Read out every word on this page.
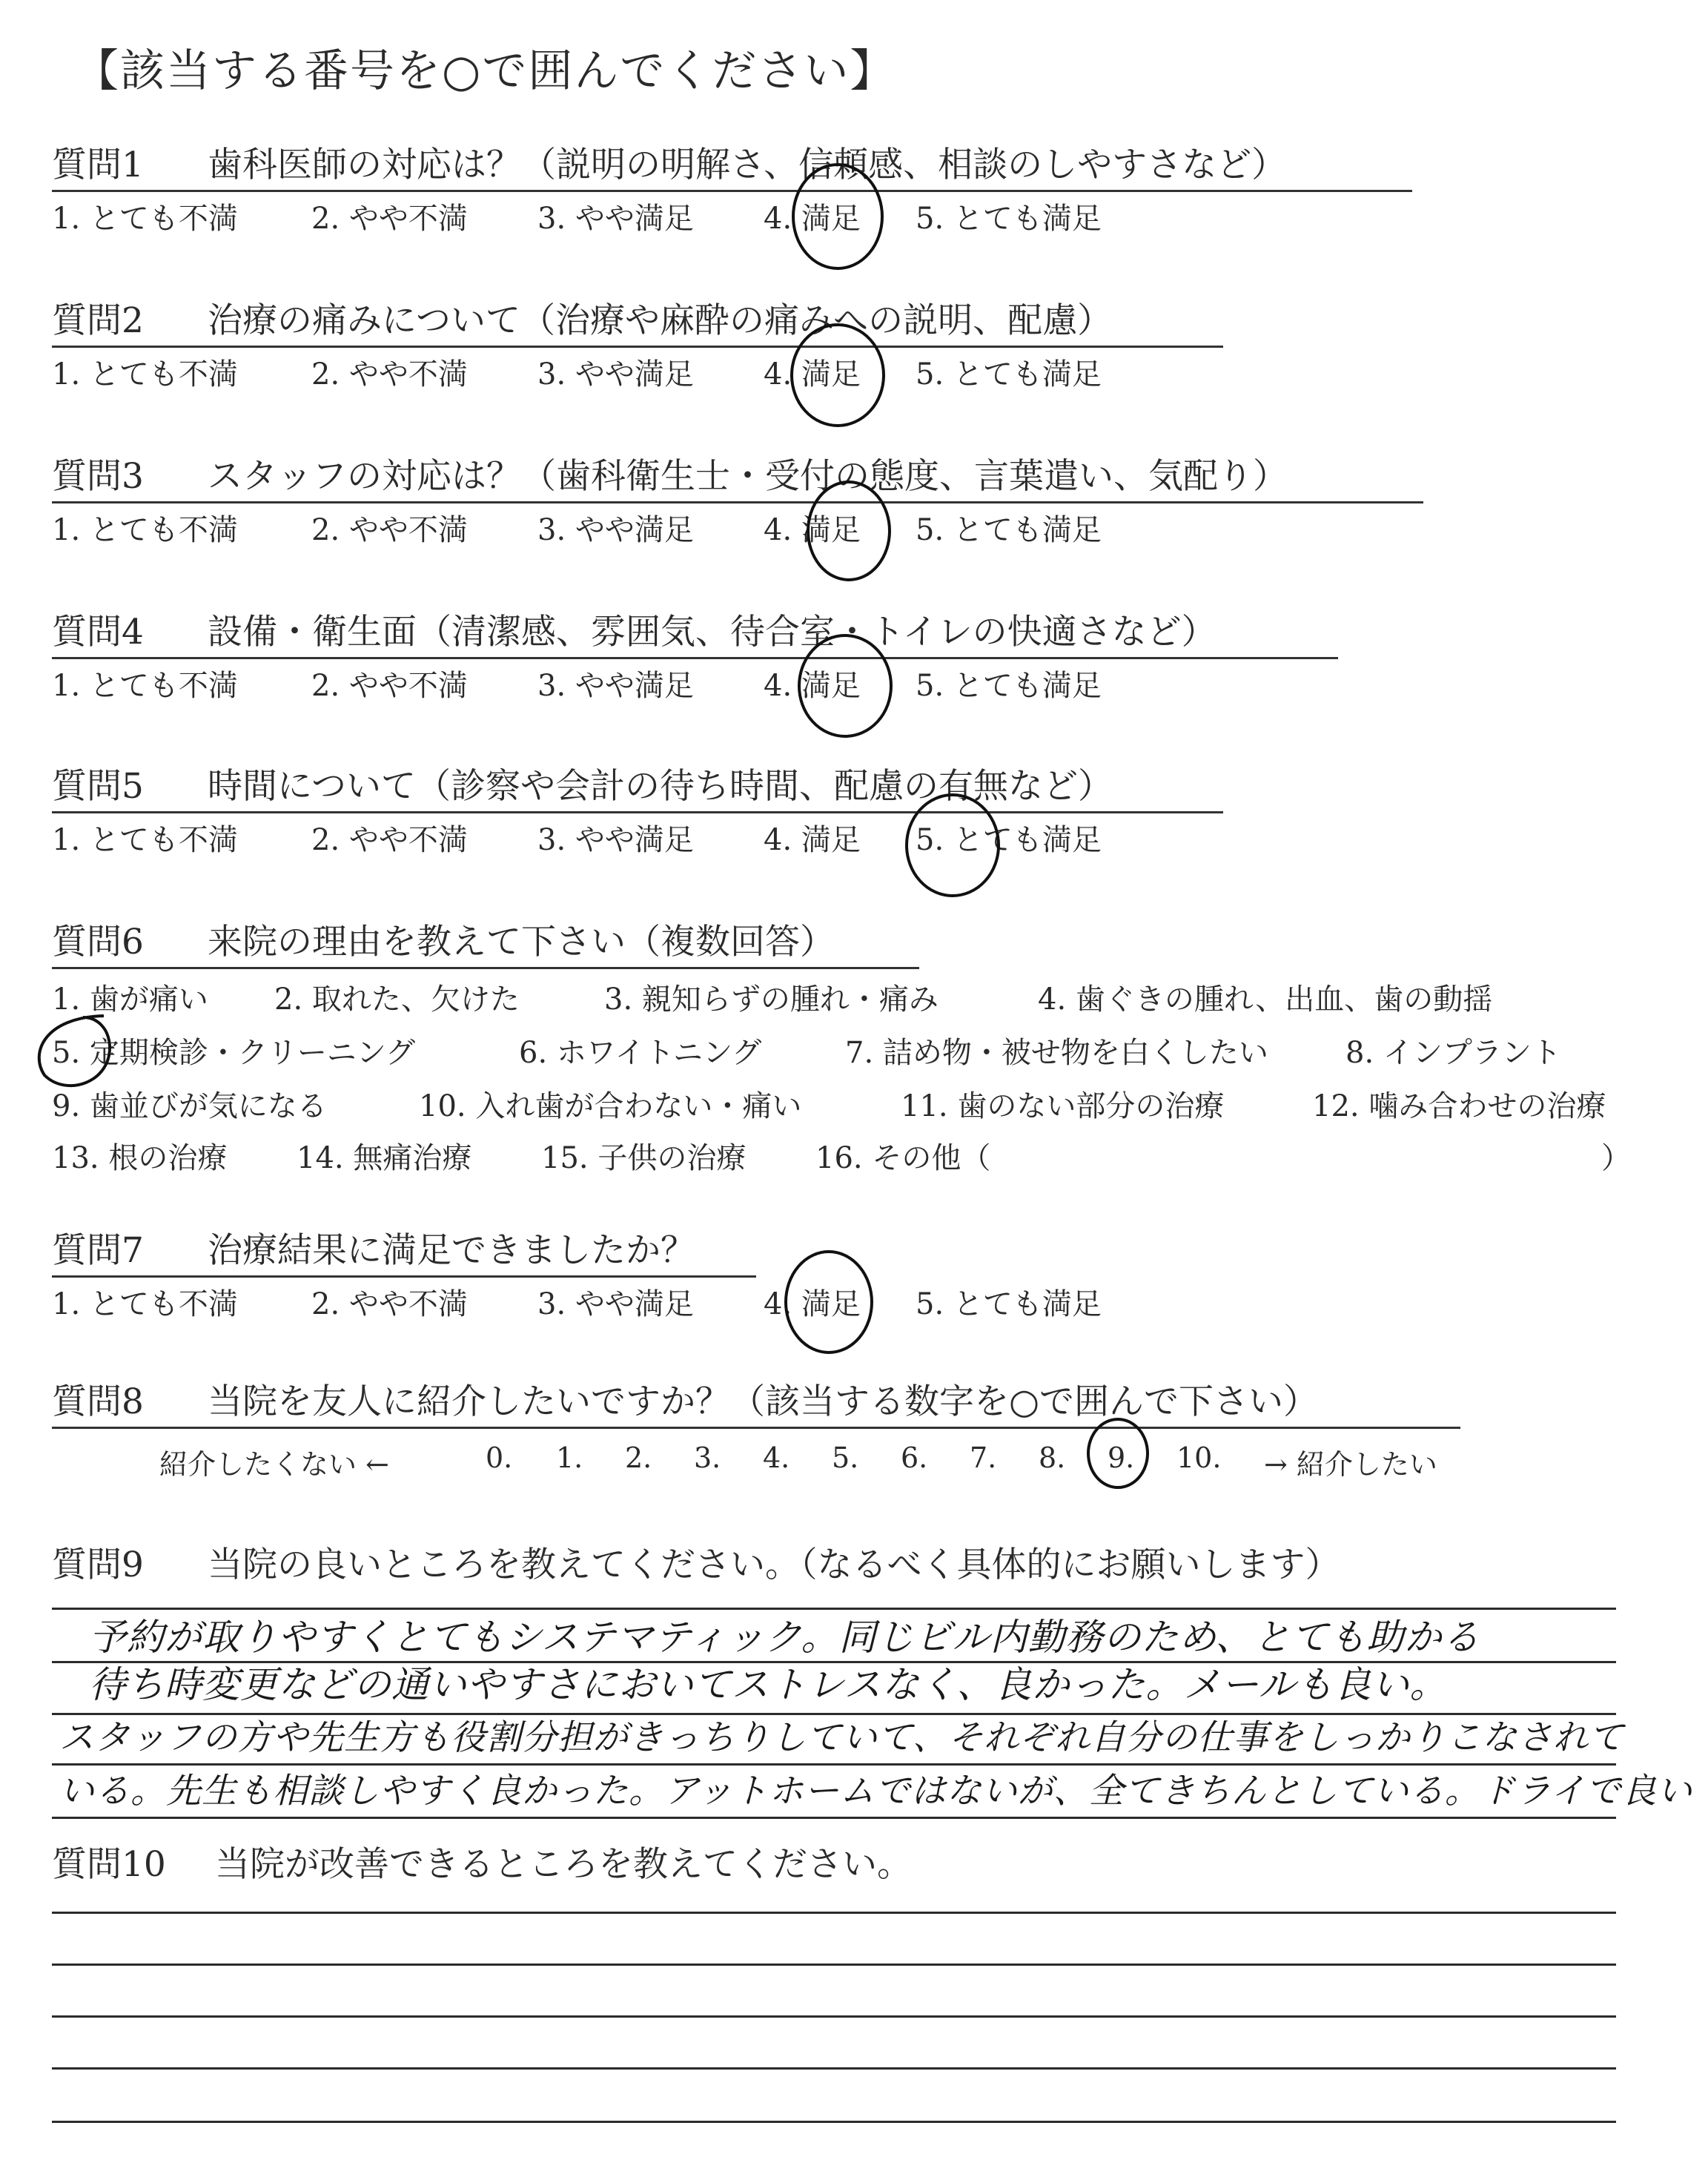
【該当する番号を○で囲んでください】
質問1 歯科医師の対応は？（説明の明解さ、信頼感、相談のしやすさなど）
1. とても不満 2. やや不満 3. やや満足 4. 満足 5. とても満足
質問2 治療の痛みについて（治療や麻酔の痛みへの説明、配慮）
1. とても不満 2. やや不満 3. やや満足 4. 満足 5. とても満足
質問3 スタッフの対応は？（歯科衛生士・受付の態度、言葉遣い、気配り）
1. とても不満 2. やや不満 3. やや満足 4. 満足 5. とても満足
質問4 設備・衛生面（清潔感、雰囲気、待合室・トイレの快適さなど）
1. とても不満 2. やや不満 3. やや満足 4. 満足 5. とても満足
質問5 時間について（診察や会計の待ち時間、配慮の有無など）
1. とても不満 2. やや不満 3. やや満足 4. 満足 5. とても満足
質問6 来院の理由を教えて下さい（複数回答）
1. 歯が痛い 2. 取れた、欠けた	3. 親知らずの腫れ・痛み	4. 歯ぐきの腫れ、出血、歯の動揺
5. 定期検診・クリーニング	6. ホワイトニング	7. 詰め物・被せ物を白くしたい	8. インプラント
9. 歯並びが気になる	10. 入れ歯が合わない・痛い	11. 歯のない部分の治療	12. 噛み合わせの治療
13. 根の治療 14. 無痛治療 15. 子供の治療 16. その他（	）
質問7 治療結果に満足できましたか？
1. とても不満 2. やや不満 3. やや満足 4. 満足 5. とても満足
質問8 当院を友人に紹介したいですか？（該当する数字を○で囲んで下さい）
紹介したくない ←	0. 1. 2. 3. 4. 5. 6. 7. 8. 9. 10. → 紹介したい
質問9 当院の良いところを教えてください。（なるべく具体的にお願いします）
予約が取りやすくとてもシステマティック。同じビル内勤務のため、とても助かる
待ち時変更などの通いやすさにおいてストレスなく、良かった。メールも良い。
スタッフの方や先生方も役割分担がきっちりしていて、それぞれ自分の仕事をしっかりこなされて
いる。先生も相談しやすく良かった。アットホームではないが、全てきちんとしている。ドライで良い
質問10 当院が改善できるところを教えてください。
